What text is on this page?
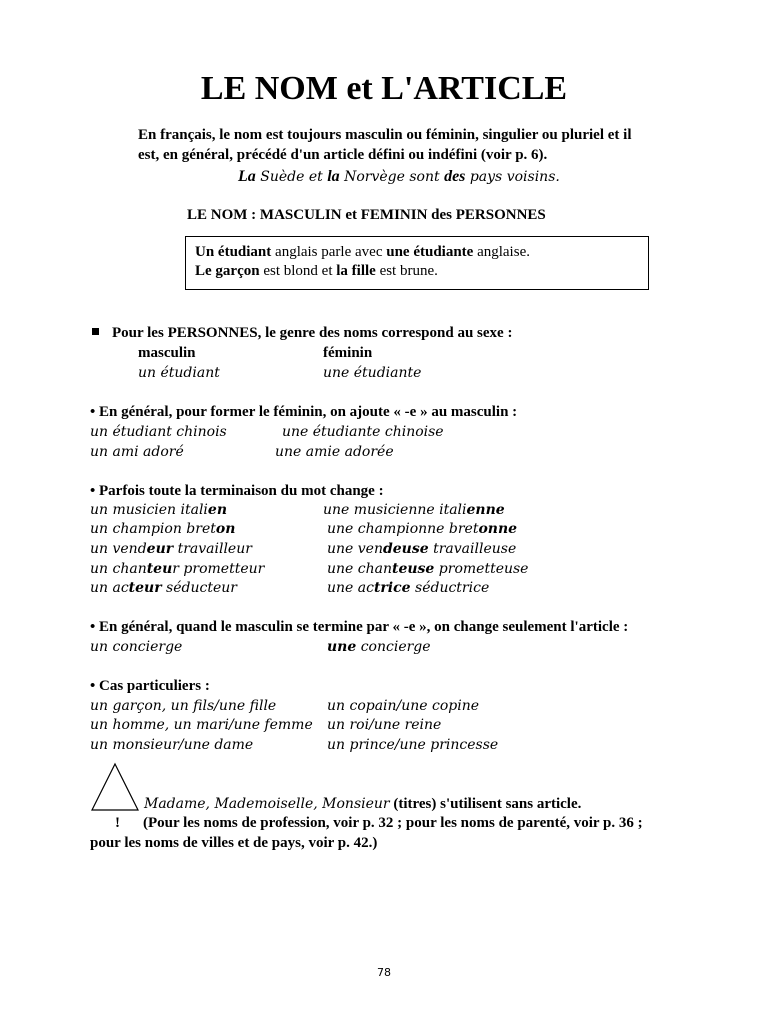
LE NOM et L'ARTICLE
En français, le nom est toujours masculin ou féminin, singulier ou pluriel et il
est, en général, précédé d'un article défini ou indéfini (voir p. 6).
La Suède et la Norvège sont des pays voisins.
LE NOM : MASCULIN et FEMININ des PERSONNES
Un étudiant anglais parle avec une étudiante anglaise.
Le garçon est blond et la fille est brune.
Pour les PERSONNES, le genre des noms correspond au sexe :
masculin	féminin
un étudiant	une étudiante
• En général, pour former le féminin, on ajoute « -e » au masculin :
un étudiant chinois	une étudiante chinoise
un ami adoré	une amie adorée
• Parfois toute la terminaison du mot change :
un musicien italien	une musicienne italienne
un champion breton	une championne bretonne
un vendeur travailleur	une vendeuse travailleuse
un chanteur prometteur	une chanteuse prometteuse
un acteur séducteur	une actrice séductrice
• En général, quand le masculin se termine par « -e », on change seulement l'article :
un concierge	une concierge
• Cas particuliers :
un garçon, un fils/une fille	un copain/une copine
un homme, un mari/une femme un roi/une reine
un monsieur/une dame	un prince/une princesse
Madame, Mademoiselle, Monsieur (titres) s'utilisent sans article.
! (Pour les noms de profession, voir p. 32 ; pour les noms de parenté, voir p. 36 ;
pour les noms de villes et de pays, voir p. 42.)
78
